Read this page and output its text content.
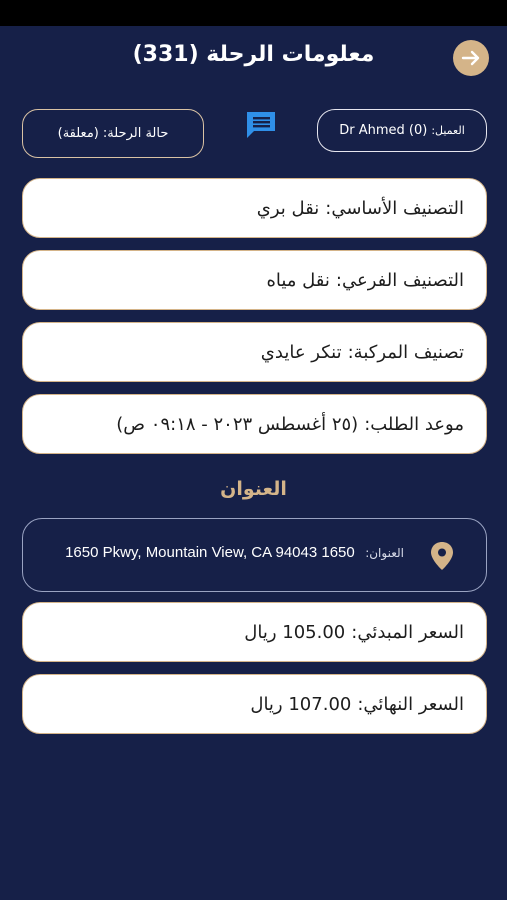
معلومات الرحلة (331)
حالة الرحلة:
(معلقة)	العميل:
(Dr Ahmed (0
التصنيف الأساسي:
نقل بري
التصنيف الفرعي:
نقل مياه
تصنيف المركبة:
تنكر عايدي
موعد الطلب:
(٢٥ أغسطس ٢٠٢٣ - ٠٩:١٨ ص)
العنوان
العنوان: 1650 Pkwy, Mountain View, CA 94043 1650
السعر المبدئي:
105.00 ريال
السعر النهائي:
107.00 ريال
